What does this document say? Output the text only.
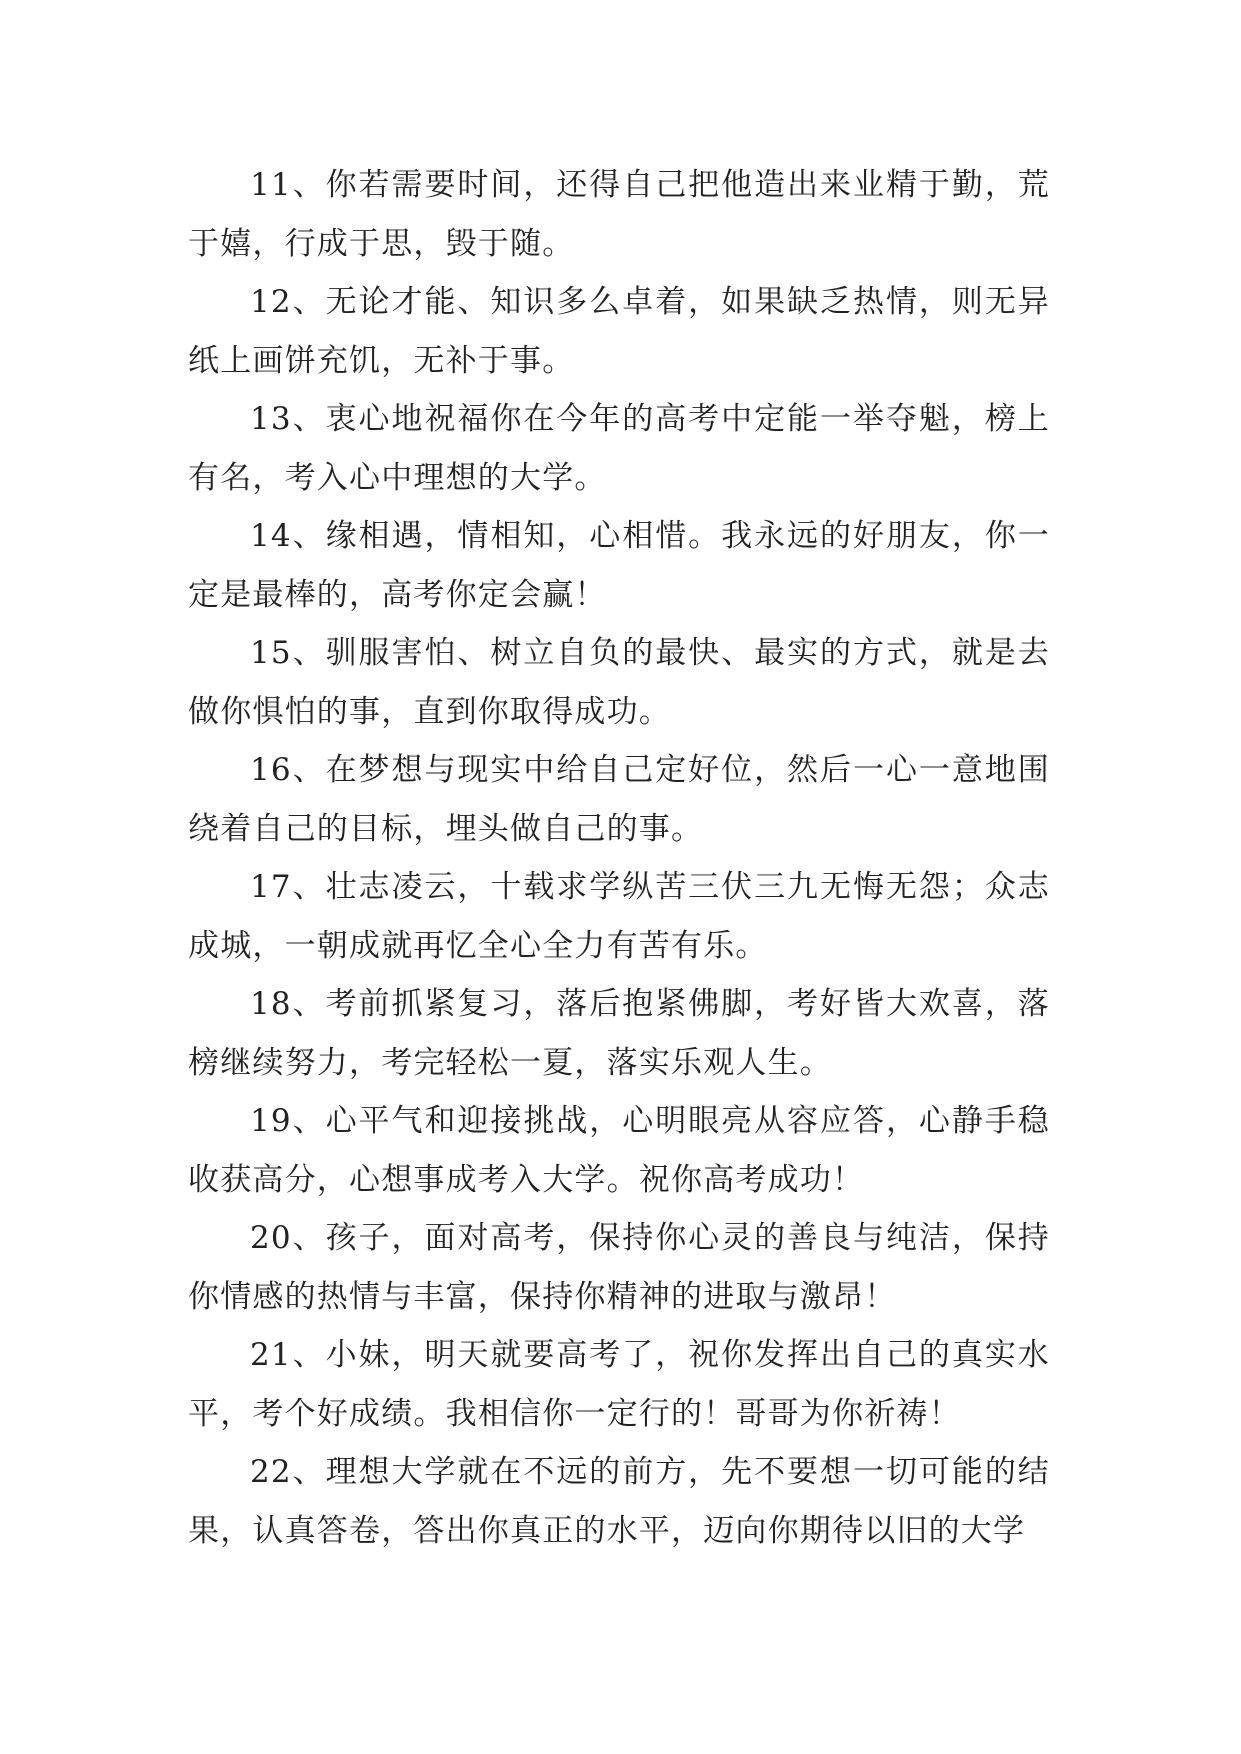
11、你若需要时间，还得自己把他造出来业精于勤，荒于嬉，行成于思，毁于随。

12、无论才能、知识多么卓着，如果缺乏热情，则无异纸上画饼充饥，无补于事。

13、衷心地祝福你在今年的高考中定能一举夺魁，榜上有名，考入心中理想的大学。

14、缘相遇，情相知，心相惜。我永远的好朋友，你一定是最棒的，高考你定会赢！

15、驯服害怕、树立自负的最快、最实的方式，就是去做你惧怕的事，直到你取得成功。

16、在梦想与现实中给自己定好位，然后一心一意地围绕着自己的目标，埋头做自己的事。

17、壮志凌云，十载求学纵苦三伏三九无悔无怨；众志成城，一朝成就再忆全心全力有苦有乐。

18、考前抓紧复习，落后抱紧佛脚，考好皆大欢喜，落榜继续努力，考完轻松一夏，落实乐观人生。

19、心平气和迎接挑战，心明眼亮从容应答，心静手稳收获高分，心想事成考入大学。祝你高考成功！

20、孩子，面对高考，保持你心灵的善良与纯洁，保持你情感的热情与丰富，保持你精神的进取与激昂！

21、小妹，明天就要高考了，祝你发挥出自己的真实水平，考个好成绩。我相信你一定行的！哥哥为你祈祷！

22、理想大学就在不远的前方，先不要想一切可能的结果，认真答卷，答出你真正的水平，迈向你期待以旧的大学
